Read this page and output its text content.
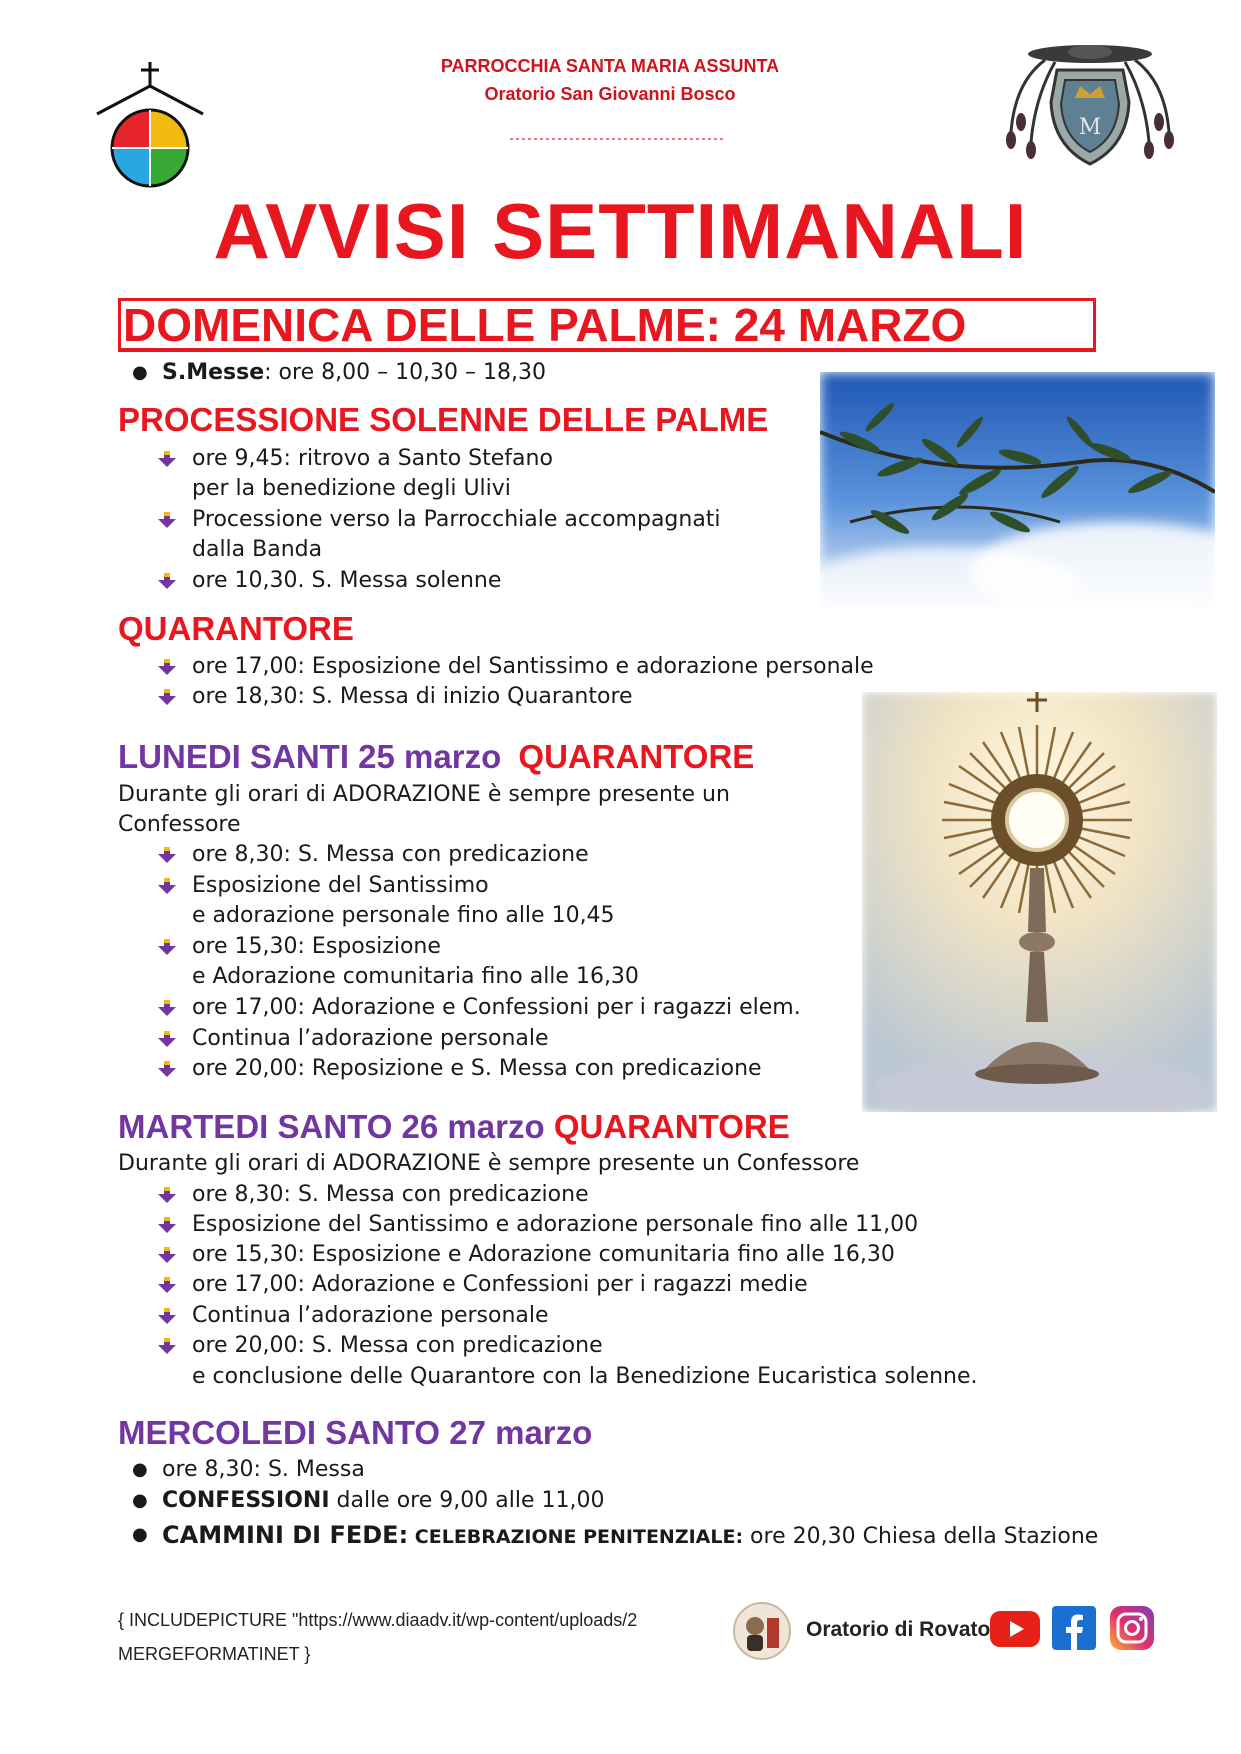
PARROCCHIA SANTA MARIA ASSUNTA
Oratorio San Giovanni Bosco
M
AVVISI SETTIMANALI
DOMENICA DELLE PALME: 24 MARZO
● S.Messe: ore 8,00 – 10,30 – 18,30
PROCESSIONE SOLENNE DELLE PALME
ore 9,45: ritrovo a Santo Stefano
per la benedizione degli Ulivi
Processione verso la Parrocchiale accompagnati
dalla Banda
ore 10,30. S. Messa solenne
QUARANTORE
ore 17,00: Esposizione del Santissimo e adorazione personale
ore 18,30: S. Messa di inizio Quarantore
LUNEDI SANTI 25 marzo QUARANTORE
Durante gli orari di ADORAZIONE è sempre presente un
Confessore
ore 8,30: S. Messa con predicazione
Esposizione del Santissimo
e adorazione personale fino alle 10,45
ore 15,30: Esposizione
e Adorazione comunitaria fino alle 16,30
ore 17,00: Adorazione e Confessioni per i ragazzi elem.
Continua l’adorazione personale
ore 20,00: Reposizione e S. Messa con predicazione
MARTEDI SANTO 26 marzo QUARANTORE
Durante gli orari di ADORAZIONE è sempre presente un Confessore
ore 8,30: S. Messa con predicazione
Esposizione del Santissimo e adorazione personale fino alle 11,00
ore 15,30: Esposizione e Adorazione comunitaria fino alle 16,30
ore 17,00: Adorazione e Confessioni per i ragazzi medie
Continua l’adorazione personale
ore 20,00: S. Messa con predicazione
e conclusione delle Quarantore con la Benedizione Eucaristica solenne.
MERCOLEDI SANTO 27 marzo
● ore 8,30: S. Messa
● CONFESSIONI dalle ore 9,00 alle 11,00
● CAMMINI DI FEDE: CELEBRAZIONE PENITENZIALE: ore 20,30 Chiesa della Stazione
{ INCLUDEPICTURE "https://www.diaadv.it/wp-content/uploads/2
MERGEFORMATINET }
Oratorio di Rovato
